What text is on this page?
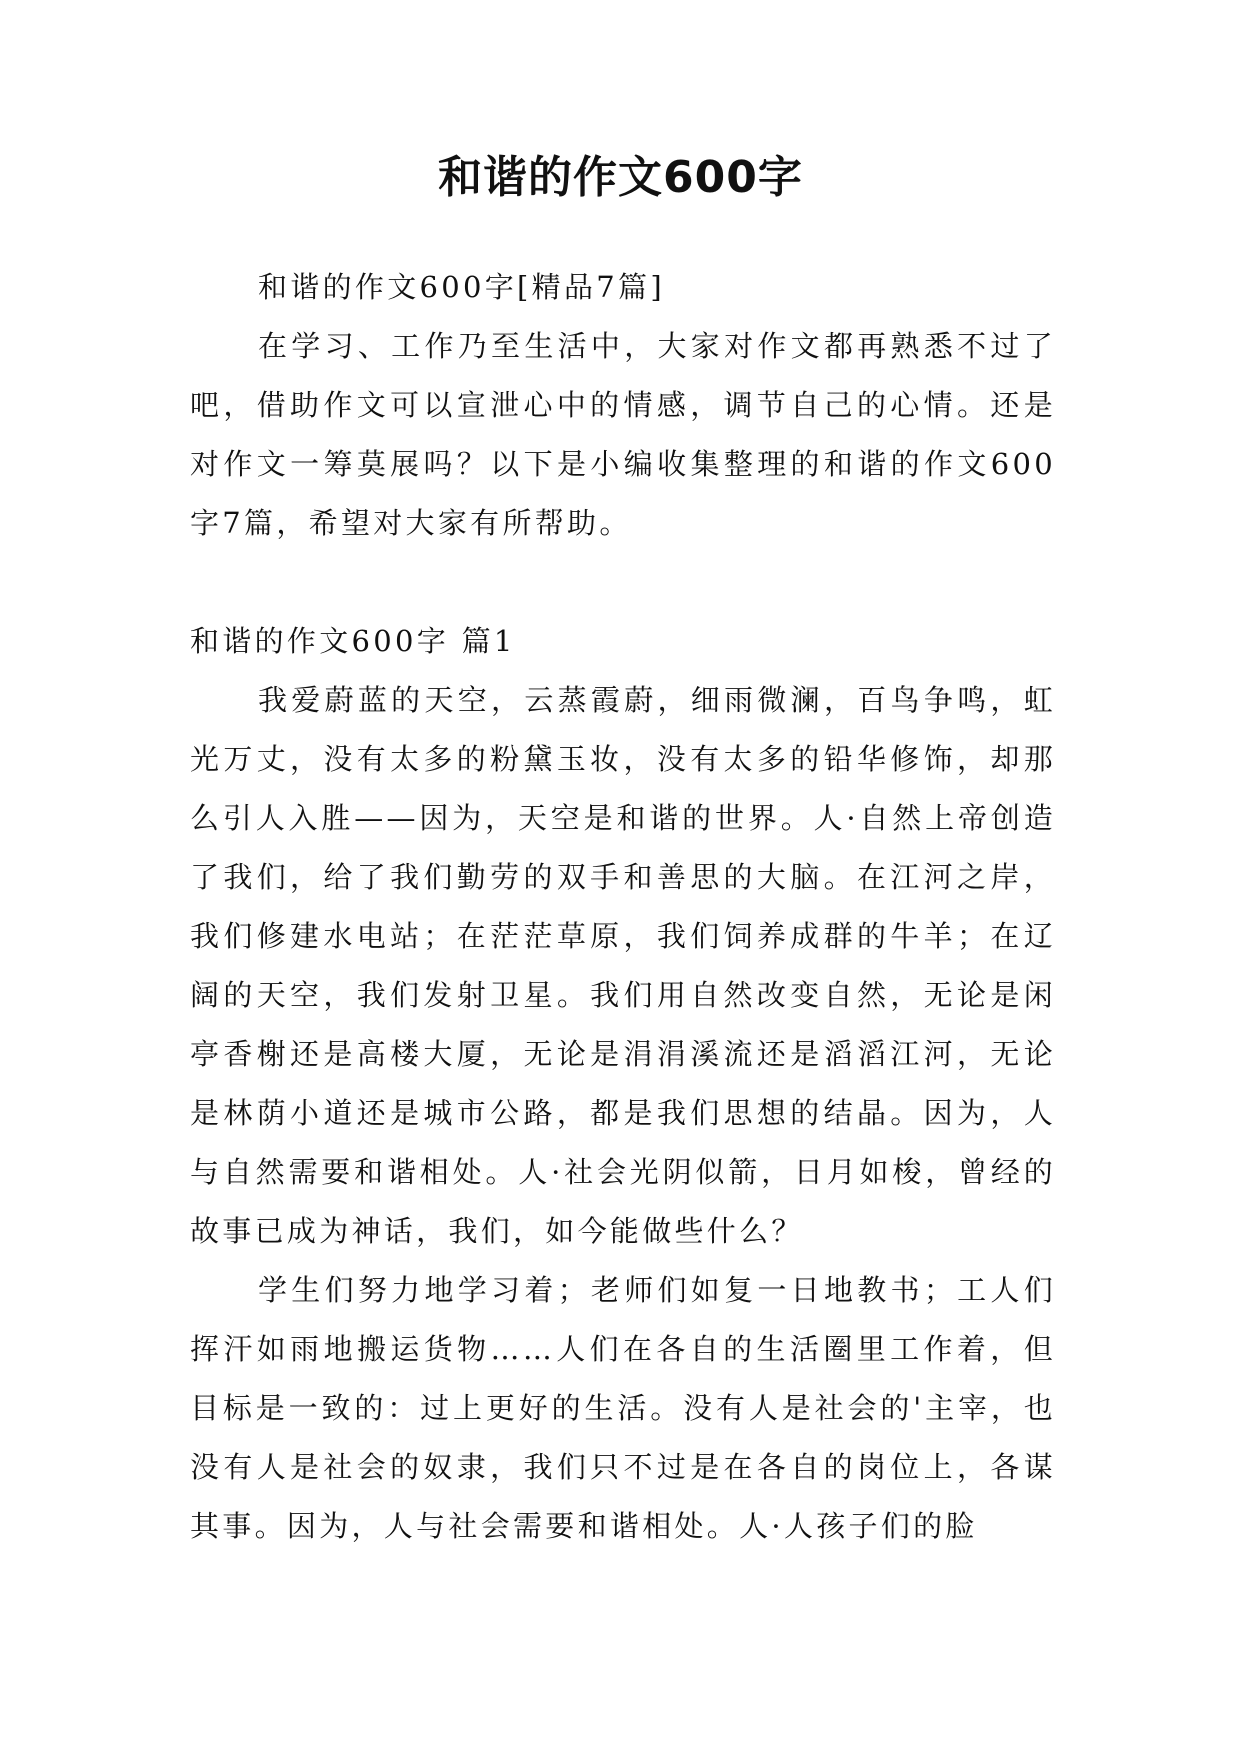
和谐的作文600字

和谐的作文600字[精品7篇]

在学习、工作乃至生活中，大家对作文都再熟悉不过了吧，借助作文可以宣泄心中的情感，调节自己的心情。还是对作文一筹莫展吗？以下是小编收集整理的和谐的作文600字7篇，希望对大家有所帮助。

和谐的作文600字 篇1

我爱蔚蓝的天空，云蒸霞蔚，细雨微澜，百鸟争鸣，虹光万丈，没有太多的粉黛玉妆，没有太多的铅华修饰，却那么引人入胜——因为，天空是和谐的世界。人·自然上帝创造了我们，给了我们勤劳的双手和善思的大脑。在江河之岸，我们修建水电站；在茫茫草原，我们饲养成群的牛羊；在辽阔的天空，我们发射卫星。我们用自然改变自然，无论是闲亭香榭还是高楼大厦，无论是涓涓溪流还是滔滔江河，无论是林荫小道还是城市公路，都是我们思想的结晶。因为，人与自然需要和谐相处。人·社会光阴似箭，日月如梭，曾经的故事已成为神话，我们，如今能做些什么？

学生们努力地学习着；老师们如复一日地教书；工人们挥汗如雨地搬运货物……人们在各自的生活圈里工作着，但目标是一致的：过上更好的生活。没有人是社会的'主宰，也没有人是社会的奴隶，我们只不过是在各自的岗位上，各谋其事。因为，人与社会需要和谐相处。人·人孩子们的脸
